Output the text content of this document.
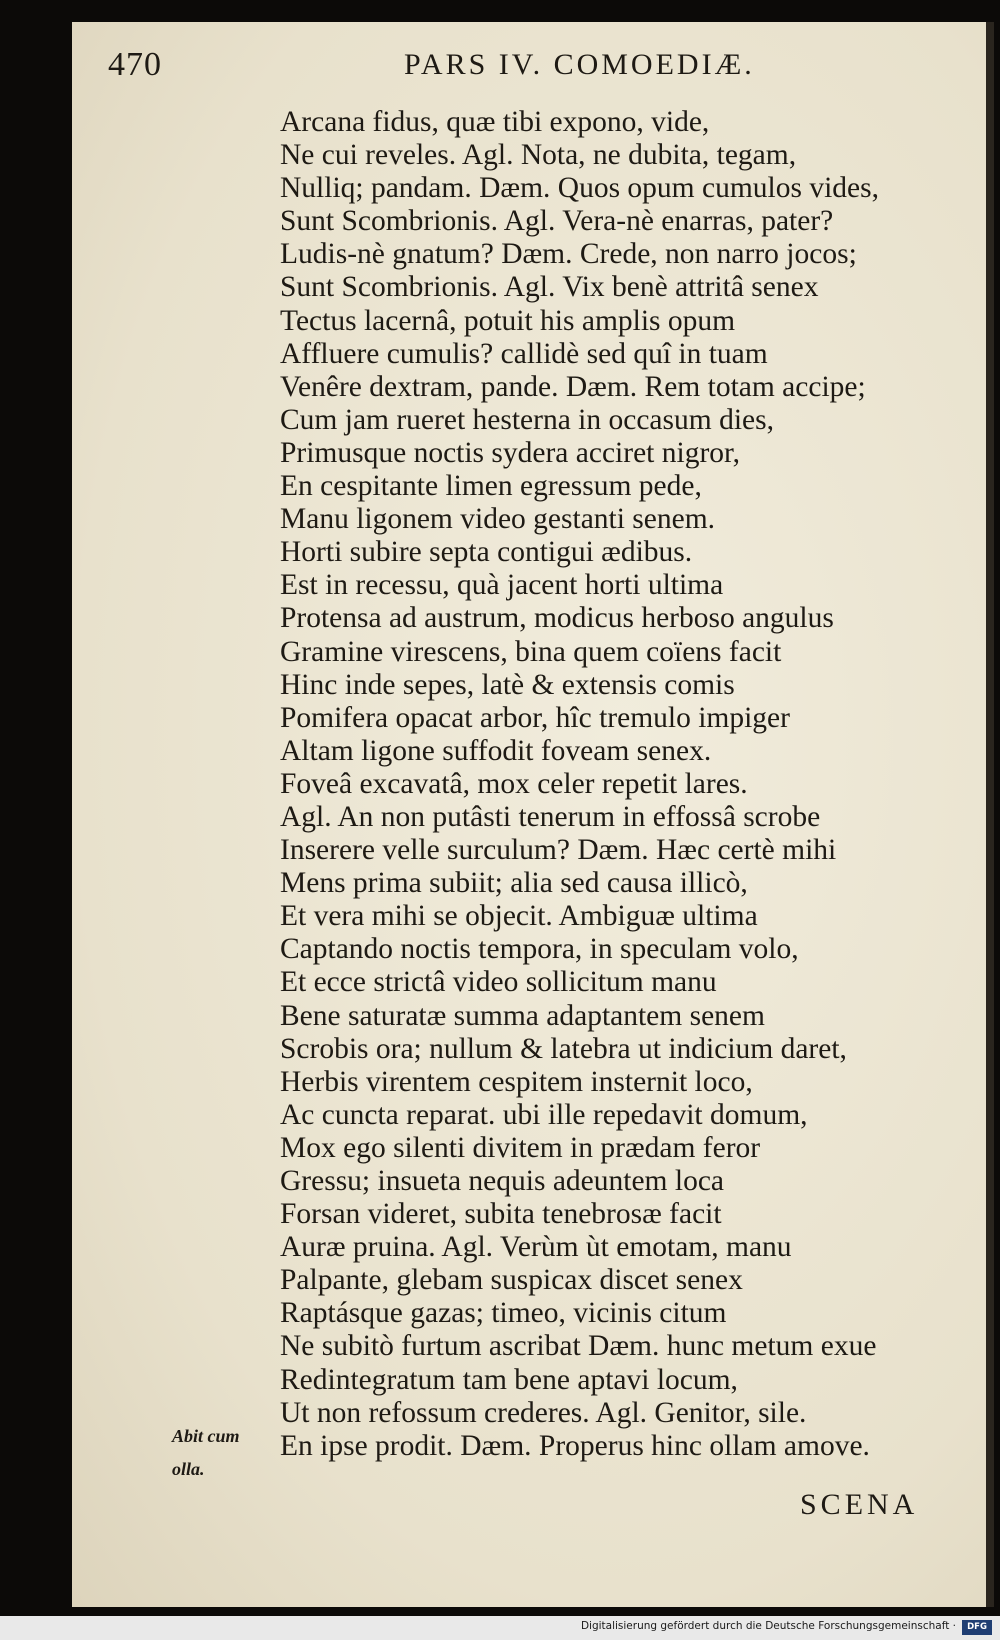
470	PARS IV. COMOEDIÆ.
Arcana fidus, quæ tibi expono, vide,
Ne cui reveles. Agl. Nota, ne dubita, tegam,
Nulliq; pandam. Dæm. Quos opum cumulos vides,
Sunt Scombrionis. Agl. Vera-nè enarras, pater?
Ludis-nè gnatum? Dæm. Crede, non narro jocos;
Sunt Scombrionis. Agl. Vix benè attritâ senex
Tectus lacernâ, potuit his amplis opum
Affluere cumulis? callidè sed quî in tuam
Venêre dextram, pande. Dæm. Rem totam accipe;
Cum jam rueret hesterna in occasum dies,
Primusque noctis sydera acciret nigror,
En cespitante limen egressum pede,
Manu ligonem video gestanti senem.
Horti subire septa contigui ædibus.
Est in recessu, quà jacent horti ultima
Protensa ad austrum, modicus herboso angulus
Gramine virescens, bina quem coïens facit
Hinc inde sepes, latè & extensis comis
Pomifera opacat arbor, hîc tremulo impiger
Altam ligone suffodit foveam senex.
Foveâ excavatâ, mox celer repetit lares.
Agl. An non putâsti tenerum in effossâ scrobe
Inserere velle surculum? Dæm. Hæc certè mihi
Mens prima subiit; alia sed causa illicò,
Et vera mihi se objecit. Ambiguæ ultima
Captando noctis tempora, in speculam volo,
Et ecce strictâ video sollicitum manu
Bene saturatæ summa adaptantem senem
Scrobis ora; nullum & latebra ut indicium daret,
Herbis virentem cespitem insternit loco,
Ac cuncta reparat. ubi ille repedavit domum,
Mox ego silenti divitem in prædam feror
Gressu; insueta nequis adeuntem loca
Forsan videret, subita tenebrosæ facit
Auræ pruina. Agl. Verùm ùt emotam, manu
Palpante, glebam suspicax discet senex
Raptásque gazas; timeo, vicinis citum
Ne subitò furtum ascribat Dæm. hunc metum exue
Redintegratum tam bene aptavi locum,
Ut non refossum crederes. Agl. Genitor, sile.
En ipse prodit. Dæm. Properus hinc ollam amove.
Abit cum
olla.
SCENA
Digitalisierung gefördert durch die Deutsche Forschungsgemeinschaft ·	DFG
